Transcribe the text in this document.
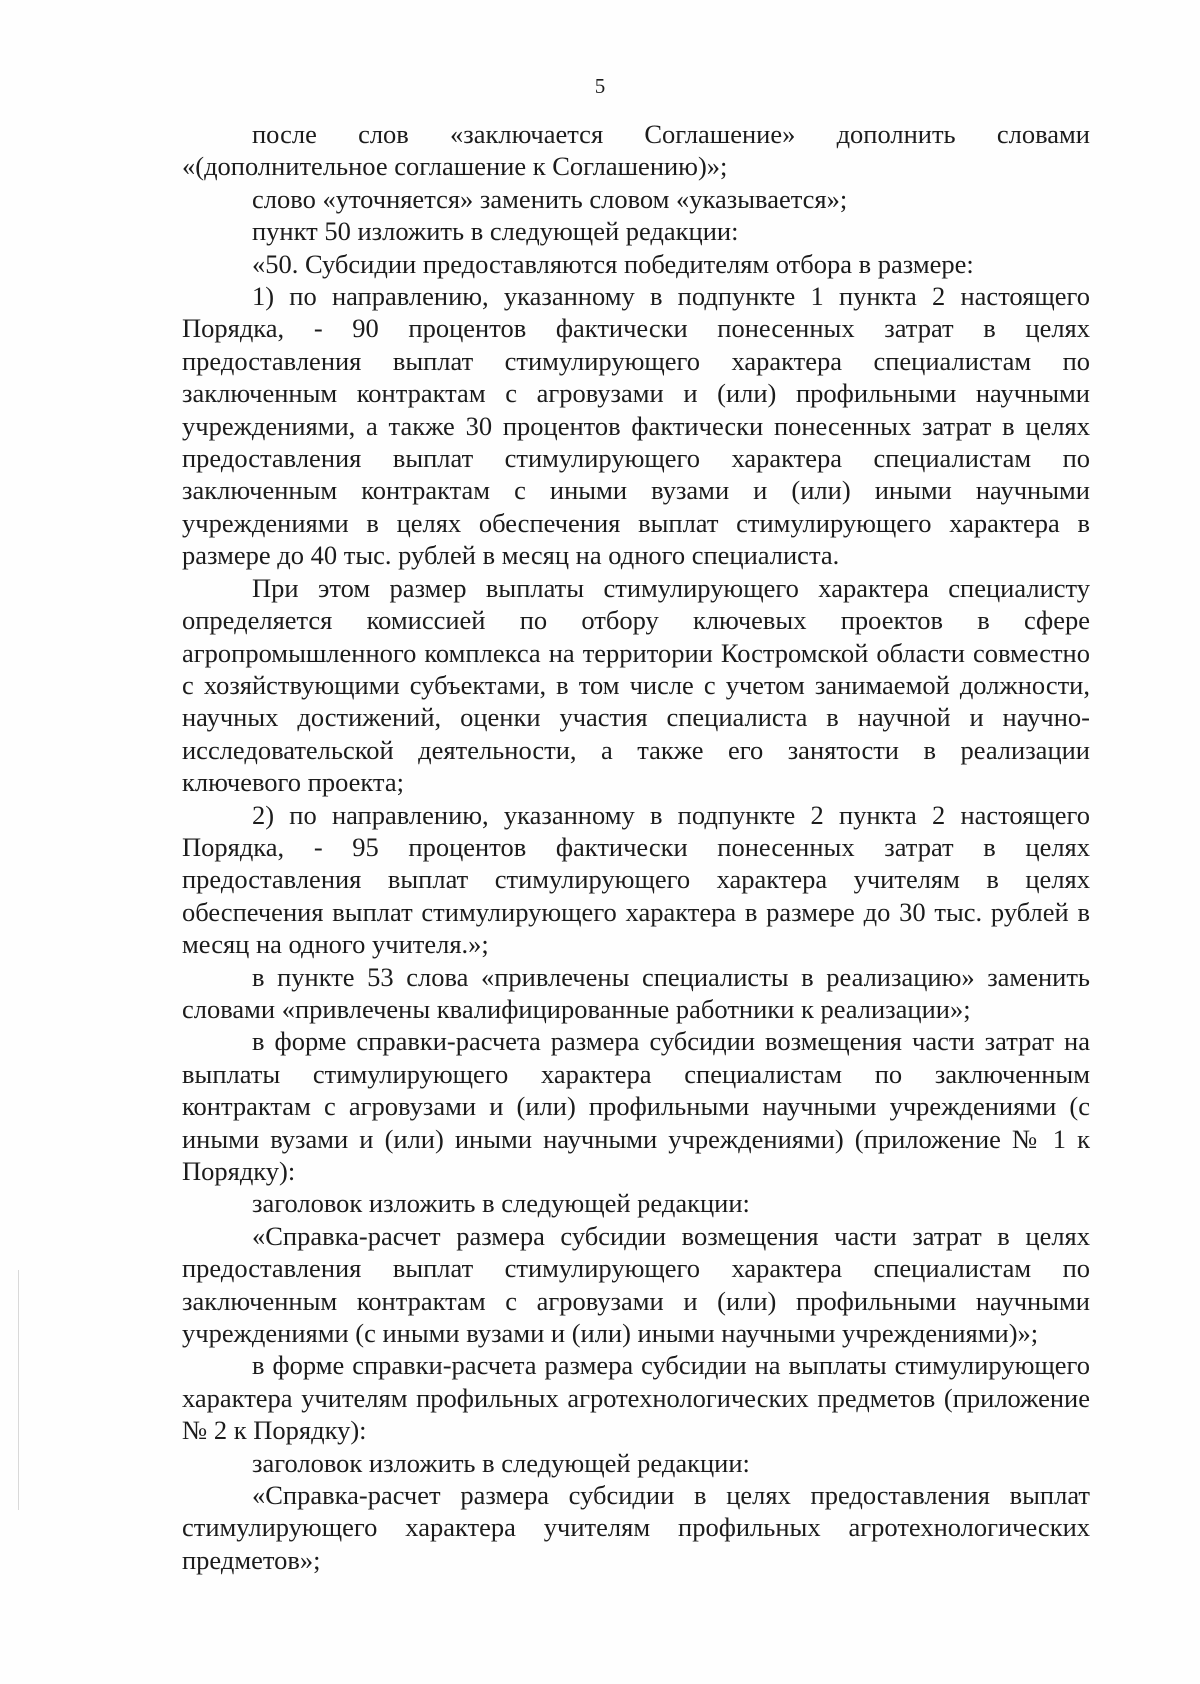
5

после слов «заключается Соглашение» дополнить словами «(дополнительное соглашение к Соглашению)»;

слово «уточняется» заменить словом «указывается»;

пункт 50 изложить в следующей редакции:

«50. Субсидии предоставляются победителям отбора в размере:

1) по направлению, указанному в подпункте 1 пункта 2 настоящего Порядка, - 90 процентов фактически понесенных затрат в целях предоставления выплат стимулирующего характера специалистам по заключенным контрактам с агровузами и (или) профильными научными учреждениями, а также 30 процентов фактически понесенных затрат в целях предоставления выплат стимулирующего характера специалистам по заключенным контрактам с иными вузами и (или) иными научными учреждениями в целях обеспечения выплат стимулирующего характера в размере до 40 тыс. рублей в месяц на одного специалиста.

При этом размер выплаты стимулирующего характера специалисту определяется комиссией по отбору ключевых проектов в сфере агропромышленного комплекса на территории Костромской области совместно с хозяйствующими субъектами, в том числе с учетом занимаемой должности, научных достижений, оценки участия специалиста в научной и научно-исследовательской деятельности, а также его занятости в реализации ключевого проекта;

2) по направлению, указанному в подпункте 2 пункта 2 настоящего Порядка, - 95 процентов фактически понесенных затрат в целях предоставления выплат стимулирующего характера учителям в целях обеспечения выплат стимулирующего характера в размере до 30 тыс. рублей в месяц на одного учителя.»;

в пункте 53 слова «привлечены специалисты в реализацию» заменить словами «привлечены квалифицированные работники к реализации»;

в форме справки-расчета размера субсидии возмещения части затрат на выплаты стимулирующего характера специалистам по заключенным контрактам с агровузами и (или) профильными научными учреждениями (с иными вузами и (или) иными научными учреждениями) (приложение № 1 к Порядку):

заголовок изложить в следующей редакции:

«Справка-расчет размера субсидии возмещения части затрат в целях предоставления выплат стимулирующего характера специалистам по заключенным контрактам с агровузами и (или) профильными научными учреждениями (с иными вузами и (или) иными научными учреждениями)»;

в форме справки-расчета размера субсидии на выплаты стимулирующего характера учителям профильных агротехнологических предметов (приложение № 2 к Порядку):

заголовок изложить в следующей редакции:

«Справка-расчет размера субсидии в целях предоставления выплат стимулирующего характера учителям профильных агротехнологических предметов»;
